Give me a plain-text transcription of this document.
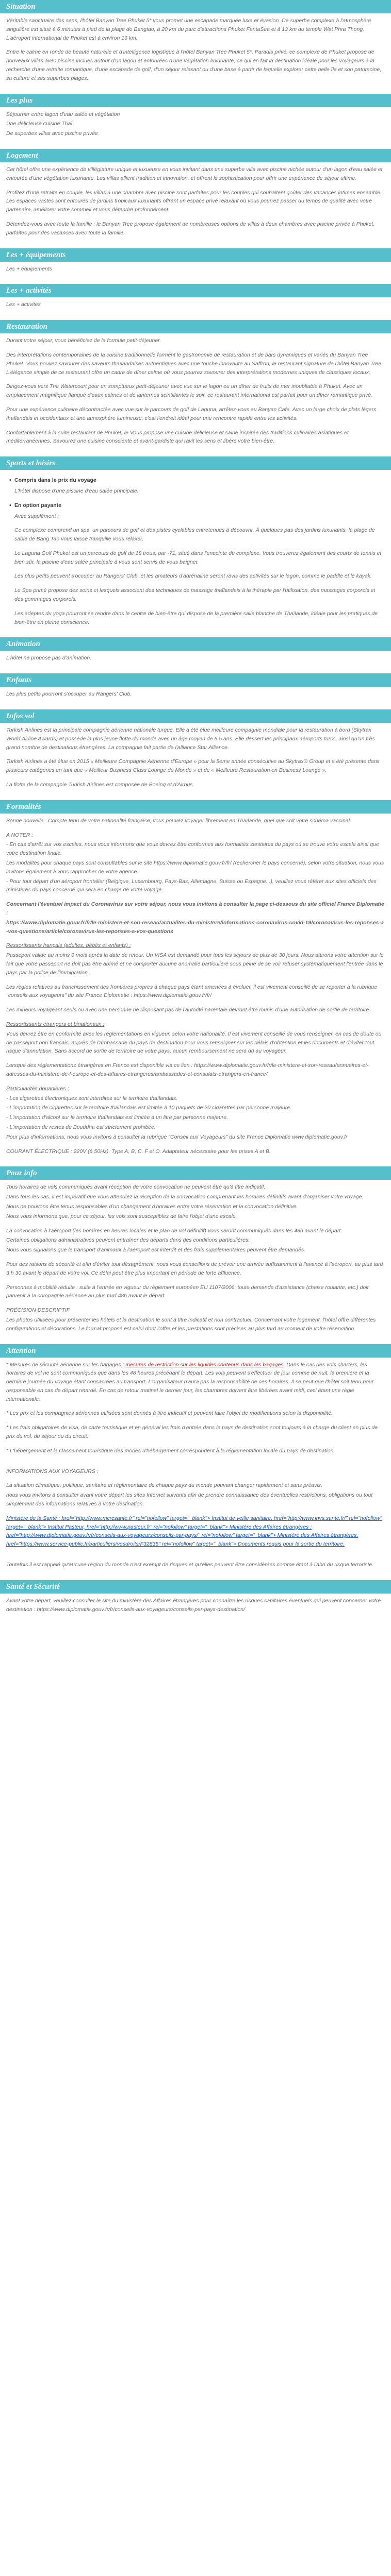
Situation

Véritable sanctuaire des sens, l'hôtel Banyan Tree Phuket 5* vous promet une escapade marquée luxe et évasion. Ce superbe complexe à l'atmosphère singulière est situé à 6 minutes à pied de la plage de Bangtao, à 20 km du parc d'attractions Phuket FantaSea et à 13 km du temple Wat Phra Thong. L'aéroport international de Phuket est à environ 16 km.

Entre le calme en ronde de beauté naturelle et d'intelligence logistique à l'hôtel Banyan Tree Phuket 5*, Paradis privé, ce complexe de Phuket propose de nouveaux villas avec piscine inclues autour d'un lagon et entourées d'une végétation luxuriante, ce qui en fait la destination idéale pour les voyageurs à la recherche d'une retraite romantique, d'une escapade de golf, d'un séjour relaxant ou d'une base à partir de laquelle explorer cette belle île et son patrimoine, sa culture et ses superbes plages.

Les plus

Séjourner entre lagon d'eau salée et végétation

Une délicieuse cuisine Thaï

De superbes villas avec piscine privée

Logement

Cet hôtel offre une expérience de villégiature unique et luxueuse en vous invitant dans une superbe villa avec piscine nichée autour d'un lagon d'eau salée et entourée d'une végétation luxuriante. Les villas allient tradition et innovation, et offrent le sophistication pour offrir une expérience de séjour ultime.

Profitez d'une retraite en couple, les villas à une chambre avec piscine sont parfaites pour les couples qui souhaitent goûter des vacances intimes ensemble. Les espaces vastes sont entourés de jardins tropicaux luxuriants offrant un espace privé relaxant où vous pourrez passer du temps de qualité avec votre partenaire, améliorer votre sommeil et vous détendre profondément.

Détendez-vous avec toute la famille : le Banyan Tree propose également de nombreuses options de villas à deux chambres avec piscine privée à Phuket, parfaites pour des vacances avec toute la famille.

Les + équipements

Les + équipements

Les + activités

Les + activités

Restauration

Durant votre séjour, vous bénéficiez de la formule petit-déjeuner.

Des interprétations contemporaines de la cuisine traditionnelle forment le gastronomie de restauration et de bars dynamiques et variés du Banyan Tree Phuket. Vous pouvez savourer des saveurs thaïlandaises authentiques avec une touche innovante au Saffron, le restaurant signature de l'hôtel Banyan Tree. L'élégance simple de ce restaurant offre un cadre de dîner calme où vous pourrez savourer des interprétations modernes uniques de classiques locaux.

Dirigez-vous vers The Watercourt pour un somptueux petit-déjeuner avec vue sur le lagon ou un dîner de fruits de mer inoubliable à Phuket. Avec un emplacement magnifique flanqué d'eaux calmes et de lanternes scintillantes le soir, ce restaurant international est parfait pour un dîner romantique privé.

Pour une expérience culinaire décontractée avec vue sur le parcours de golf de Laguna, arrêtez-vous au Banyan Cafe. Avec un large choix de plats légers thaïlandais et occidentaux et une atmosphère lumineuse, c'est l'endroit idéal pour une rencontre rapide entre les activités.

Confortablement à la suite restaurant de Phuket, le Vous propose une cuisine délicieuse et saine inspirée des traditions culinaires asiatiques et méditerranéennes. Savourez une cuisine consciente et avant-gardiste qui ravit les sens et libère votre bien-être.

Sports et loisirs
• Compris dans le prix du voyage

L'hôtel dispose d'une piscine d'eau salée principale.

• En option payante

Avec supplément :

Ce complexe comprend un spa, un parcours de golf et des pistes cyclables entretenues à découvrir. À quelques pas des jardins luxuriants, la plage de sable de Bang Tao vous laisse tranquille vous relaxer.

Le Laguna Golf Phuket est un parcours de golf de 18 trous, par -71, situé dans l'enceinte du complexe. Vous trouverez également des courts de tennis et, bien sûr, la piscine d'eau salée principale à vous sont servis de vous baigner.

Les plus petits peuvent s'occuper au Rangers' Club, et les amateurs d'adrénaline seront ravis des activités sur le lagon, comme le paddle et le kayak.

Le Spa primé propose des soins et lesquels associent des techniques de massage thaïlandais à la thérapie par l'utilisation, des massages corporels et des gommages corporels.

Les adeptes du yoga pourront se rendre dans le centre de bien-être qui dispose de la première salle blanche de Thaïlande, idéale pour les pratiques de bien-être en pleine conscience.

Animation

L'hôtel ne propose pas d'animation.

Enfants

Les plus petits pourront s'occuper au Rangers' Club.

Infos vol

Turkish Airlines est la principale compagnie aérienne nationale turque. Elle a été élue meilleure compagnie mondiale pour la restauration à bord (Skytrax World Airline Awards) et possède la plus jeune flotte du monde avec un âge moyen de 6,5 ans. Elle dessert les principaux aéroports turcs, ainsi qu'un très grand nombre de destinations étrangères. La compagnie fait partie de l'alliance Star Alliance.

Turkish Airlines a été élue en 2015 « Meilleure Compagnie Aérienne d'Europe » pour la 5ème année consécutive au Skytrax® Group et a été présente dans plusieurs catégories en tant que « Meilleur Business Class Lounge du Monde » et de « Meilleure Restauration en Business Lounge ».

La flotte de la compagnie Turkish Airlines est composée de Boeing et d'Airbus.

Formalités

Bonne nouvelle : Compte tenu de votre nationalité française, vous pouvez voyager librement en Thaïlande, quel que soit votre schéma vaccinal.

A NOTER :

- En cas d'arrêt sur vos escales, nous vous informons que vous devrez être conformes aux formalités sanitaires du pays où se trouve votre escale ainsi que votre destination finale.

Les modalités pour chaque pays sont consultables sur le site https://www.diplomatie.gouv.fr/fr/ (rechercher le pays concerné), selon votre situation, nous vous invitons également à vous rapprocher de votre agence.

- Pour tout départ d'un aéroport frontalier (Belgique, Luxembourg, Pays-Bas, Allemagne, Suisse ou Espagne...), veuillez vous référer aux sites officiels des ministères du pays concerné qui sera en charge de votre voyage.

Concernant l'éventuel impact du Coronavirus sur votre séjour, nous vous invitons à consulter la page ci-dessous du site officiel France Diplomatie :

https://www.diplomatie.gouv.fr/fr/le-ministere-et-son-reseau/actualites-du-ministere/informations-coronavirus-covid-19/coronavirus-les-reponses-a-vos-questions/article/coronavirus-les-reponses-a-vos-questions

Ressortissants français (adultes, bébés et enfants) :

Passeport valide au moins 6 mois après la date de retour. Un VISA est demandé pour tous les séjours de plus de 30 jours. Nous attirons votre attention sur le fait que votre passeport ne doit pas être abîmé et ne comporter aucune anomalie particulière sous peine de se voir refuser systématiquement l'entrée dans le pays par la police de l'immigration.

Les règles relatives au franchissement des frontières propres à chaque pays étant amenées à évoluer, il est vivement conseillé de se reporter à la rubrique "conseils aux voyageurs" du site France Diplomatie : https://www.diplomatie.gouv.fr/fr/

Les mineurs voyageant seuls ou avec une personne ne disposant pas de l'autorité parentale devront être munis d'une autorisation de sortie de territoire.

Ressortissants étrangers et binationaux :

Vous devrez être en conformité avec les réglementations en vigueur, selon votre nationalité. Il est vivement conseillé de vous renseigner, en cas de doute ou de passeport non français, auprès de l'ambassade du pays de destination pour vous renseigner sur les délais d'obtention et les documents et d'éviter tout risque d'annulation. Sans accord de sortie de territoire de votre pays, aucun remboursement ne sera dû au voyageur.

Lorsque des réglementations étrangères en France est disponible via ce lien : https://www.diplomatie.gouv.fr/fr/le-ministere-et-son-reseau/annuaires-et-adresses-du-ministere-de-l-europe-et-des-affaires-etrangeres/ambassades-et-consulats-etrangers-en-france/

Particularités douanières :

- Les cigarettes électroniques sont interdites sur le territoire thaïlandais.

- L'importation de cigarettes sur le territoire thaïlandais est limitée à 10 paquets de 20 cigarettes par personne majeure.

- L'importation d'alcool sur le territoire thaïlandais est limitée à un litre par personne majeure.

- L'importation de restes de Bouddha est strictement prohibée.

Pour plus d'informations, nous vous invitons à consulter la rubrique "Conseil aux Voyageurs" du site France Diplomatie www.diplomatie.gouv.fr

COURANT ÉLECTRIQUE : 220V (à 50Hz). Type A, B, C, F et O. Adaptateur nécessaire pour les prises A et B.

Pour info

Tous horaires de vols communiqués avant réception de votre convocation ne peuvent être qu'à titre indicatif.

Dans tous les cas, il est impératif que vous attendiez la réception de la convocation comprenant les horaires définitifs avant d'organiser votre voyage.

Nous ne pouvons être tenus responsables d'un changement d'horaires entre votre réservation et la convocation définitive.

Nous vous informons que, pour ce séjour, les vols sont susceptibles de faire l'objet d'une escale.

La convocation à l'aéroport (les horaires en heures locales et le plan de vol définitif) vous seront communiqués dans les 48h avant le départ.

Certaines obligations administratives peuvent entraîner des départs dans des conditions particulières.

Nous vous signalons que le transport d'animaux à l'aéroport est interdit et des frais supplémentaires peuvent être demandés.

Pour des raisons de sécurité et afin d'éviter tout désagrément, nous vous conseillons de prévoir une arrivée suffisamment à l'avance à l'aéroport, au plus tard 3 h 30 avant le départ de votre vol. Ce délai peut être plus important en période de forte affluence.

Personnes à mobilité réduite : suite à l'entrée en vigueur du règlement européen EU 1107/2006, toute demande d'assistance (chaise roulante, etc.) doit parvenir à la compagnie aérienne au plus tard 48h avant le départ.

PRÉCISION DESCRIPTIF

Les photos utilisées pour présenter les hôtels et la destination le sont à titre indicatif et non contractuel. Concernant votre logement, l'hôtel offre différentes configurations et décorations. Le format proposé est celui dont l'offre et les prestations sont précises au plus tard au moment de votre réservation.

Attention

* Mesures de sécurité aérienne sur les bagages : mesures de restriction sur les liquides contenus dans les bagages. Dans le cas des vols charters, les horaires de vol ne sont communiqués que dans les 48 heures précédant le départ. Les vols peuvent s'effectuer de jour comme de nuit, la première et la dernière journée du voyage étant consacrées au transport. L'organisateur n'aura pas la responsabilité de ces horaires. Il se peut que l'hôtel soit tenu pour responsable en cas de départ retardé. En cas de retour matinal le dernier jour, les chambres doivent être libérées avant midi, ceci étant une règle internationale.

* Les prix et les compagnies aériennes utilisées sont donnés à titre indicatif et peuvent faire l'objet de modifications selon la disponibilité.

* Les frais obligatoires de visa, de carte touristique et en général les frais d'entrée dans le pays de destination sont toujours à la charge du client en plus de prix du vol, du séjour ou du circuit.

* L'hébergement et le classement touristique des modes d'hébergement correspondent à la réglementation locale du pays de destination.

INFORMATIONS AUX VOYAGEURS :

La situation climatique, politique, sanitaire et réglementaire de chaque pays du monde pouvant changer rapidement et sans préavis,

nous vous invitons à consulter avant votre départ les sites Internet suivants afin de prendre connaissance des éventuelles restrictions, obligations ou tout simplement des informations relatives à votre destination.

Ministère de la Santé : href="http://www.mcrcsante.fr" rel="nofollow" target="_blank"> Institut de veille sanitaire, href="http://www.invs.sante.fr/" rel="nofollow" target="_blank"> Institut Pasteur, href="http://www.pasteur.fr" rel="nofollow" target="_blank"> Ministère des Affaires étrangères : href="http://www.diplomatie.gouv.fr/fr/conseils-aux-voyageurs/conseils-par-pays/" rel="nofollow" target="_blank"> Ministère des Affaires étrangères, href="https://www.service-public.fr/particuliers/vosdroits/F32835" rel="nofollow" target="_blank"> Documents requis pour la sortie du territoire.

Toutefois il est rappelé qu'aucune région du monde n'est exempt de risques et qu'elles peuvent être considérées comme étant à l'abri du risque terroriste.

Santé et Sécurité

Avant votre départ, veuillez consulter le site du ministère des Affaires étrangères pour connaître les risques sanitaires éventuels qui peuvent concerner votre destination : https://www.diplomatie.gouv.fr/fr/conseils-aux-voyageurs/conseils-par-pays-destination/
